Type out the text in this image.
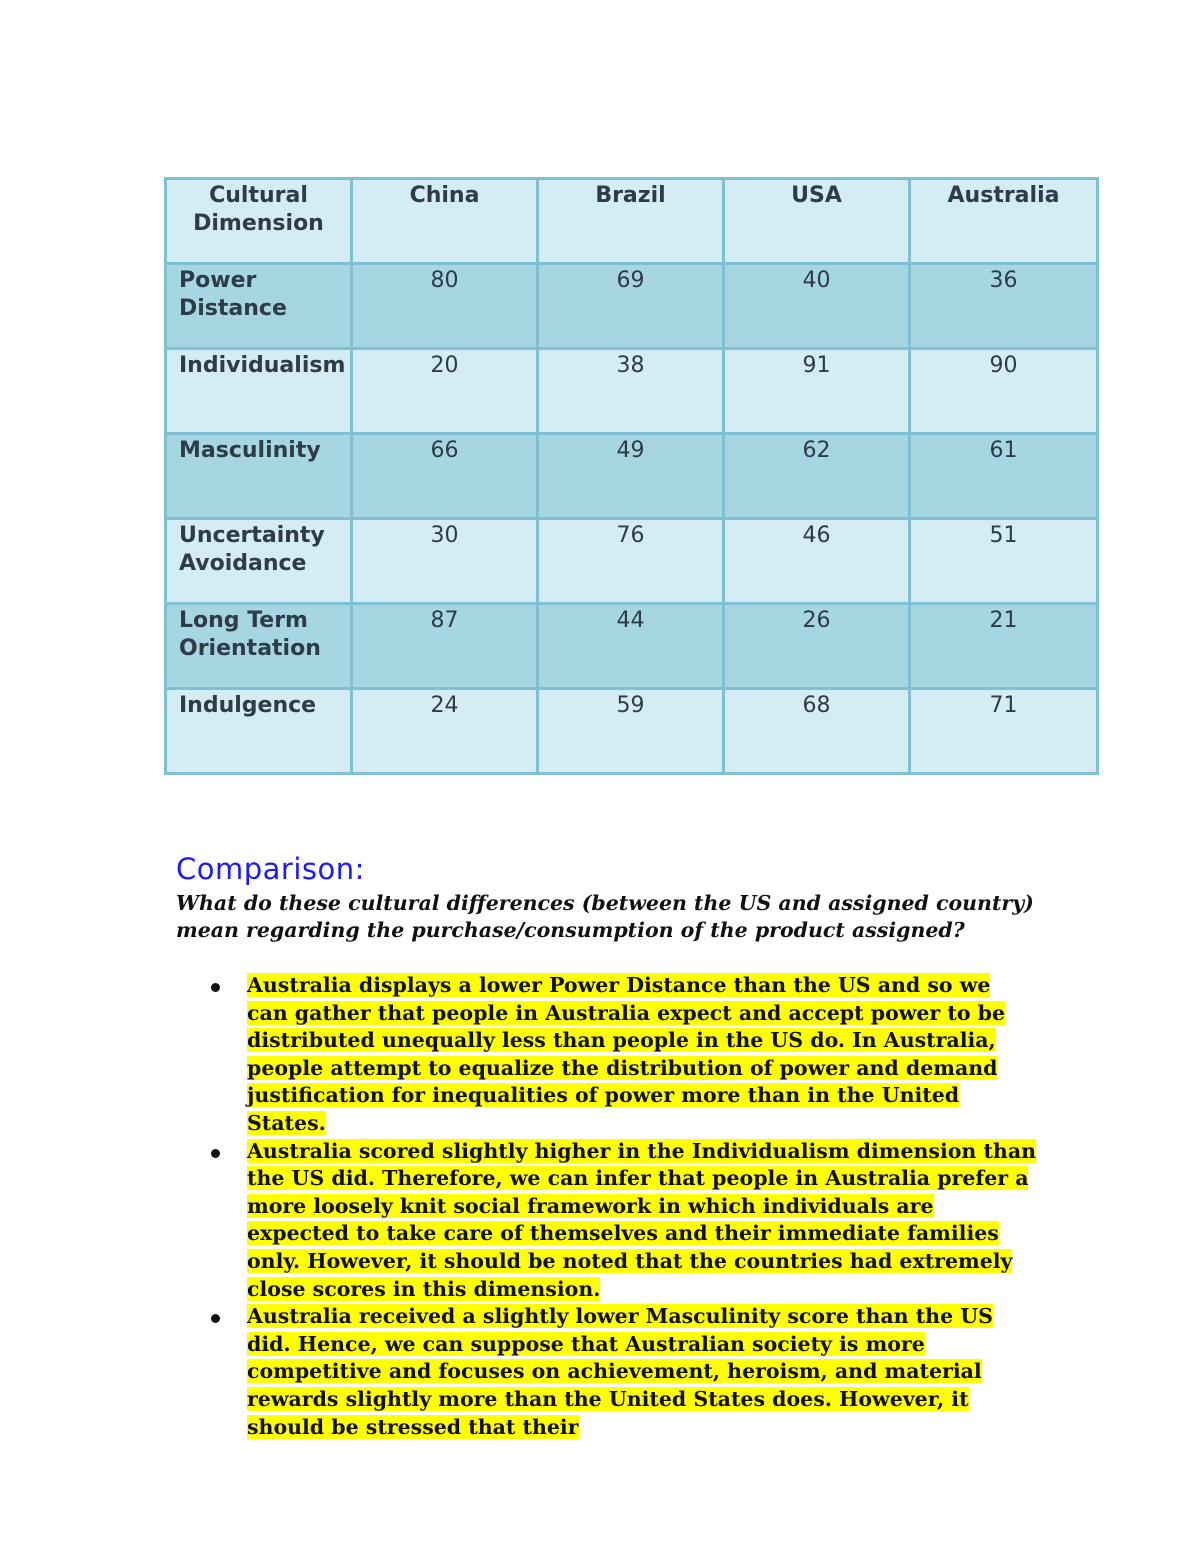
Cultural Dimension	China	Brazil	USA	Australia
Power Distance	80	69	40	36
Individualism	20	38	91	90
Masculinity	66	49	62	61
Uncertainty Avoidance	30	76	46	51
Long Term Orientation	87	44	26	21
Indulgence	24	59	68	71
Comparison:
What do these cultural differences (between the US and assigned country) mean regarding the purchase/consumption of the product assigned?
Australia displays a lower Power Distance than the US and so we can gather that people in Australia expect and accept power to be distributed unequally less than people in the US do. In Australia, people attempt to equalize the distribution of power and demand justification for inequalities of power more than in the United States.
Australia scored slightly higher in the Individualism dimension than the US did. Therefore, we can infer that people in Australia prefer a more loosely knit social framework in which individuals are expected to take care of themselves and their immediate families only. However, it should be noted that the countries had extremely close scores in this dimension.
Australia received a slightly lower Masculinity score than the US did. Hence, we can suppose that Australian society is more competitive and focuses on achievement, heroism, and material rewards slightly more than the United States does. However, it should be stressed that their
